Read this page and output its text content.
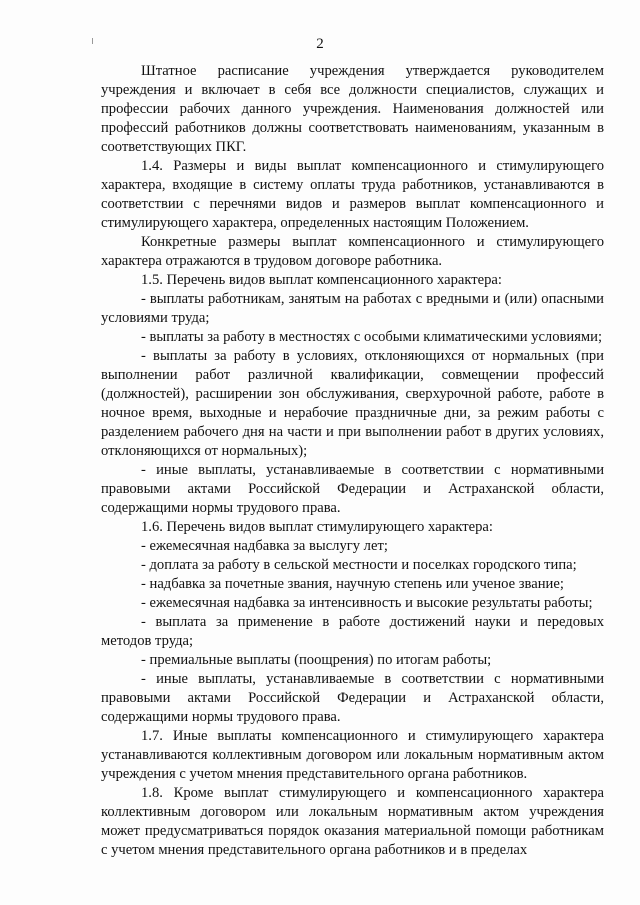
2

Штатное расписание учреждения утверждается руководителем учреждения и включает в себя все должности специалистов, служащих и профессии рабочих данного учреждения. Наименования должностей или профессий работников должны соответствовать наименованиям, указанным в соответствующих ПКГ.

1.4. Размеры и виды выплат компенсационного и стимулирующего характера, входящие в систему оплаты труда работников, устанавливаются в соответствии с перечнями видов и размеров выплат компенсационного и стимулирующего характера, определенных настоящим Положением.

Конкретные размеры выплат компенсационного и стимулирующего характера отражаются в трудовом договоре работника.

1.5. Перечень видов выплат компенсационного характера:

- выплаты работникам, занятым на работах с вредными и (или) опасными условиями труда;

- выплаты за работу в местностях с особыми климатическими условиями;

- выплаты за работу в условиях, отклоняющихся от нормальных (при выполнении работ различной квалификации, совмещении профессий (должностей), расширении зон обслуживания, сверхурочной работе, работе в ночное время, выходные и нерабочие праздничные дни, за режим работы с разделением рабочего дня на части и при выполнении работ в других условиях, отклоняющихся от нормальных);

- иные выплаты, устанавливаемые в соответствии с нормативными правовыми актами Российской Федерации и Астраханской области, содержащими нормы трудового права.

1.6. Перечень видов выплат стимулирующего характера:

- ежемесячная надбавка за выслугу лет;

- доплата за работу в сельской местности и поселках городского типа;

- надбавка за почетные звания, научную степень или ученое звание;

- ежемесячная надбавка за интенсивность и высокие результаты работы;

- выплата за применение в работе достижений науки и передовых методов труда;

- премиальные выплаты (поощрения) по итогам работы;

- иные выплаты, устанавливаемые в соответствии с нормативными правовыми актами Российской Федерации и Астраханской области, содержащими нормы трудового права.

1.7. Иные выплаты компенсационного и стимулирующего характера устанавливаются коллективным договором или локальным нормативным актом учреждения с учетом мнения представительного органа работников.

1.8. Кроме выплат стимулирующего и компенсационного характера коллективным договором или локальным нормативным актом учреждения может предусматриваться порядок оказания материальной помощи работникам с учетом мнения представительного органа работников и в пределах
